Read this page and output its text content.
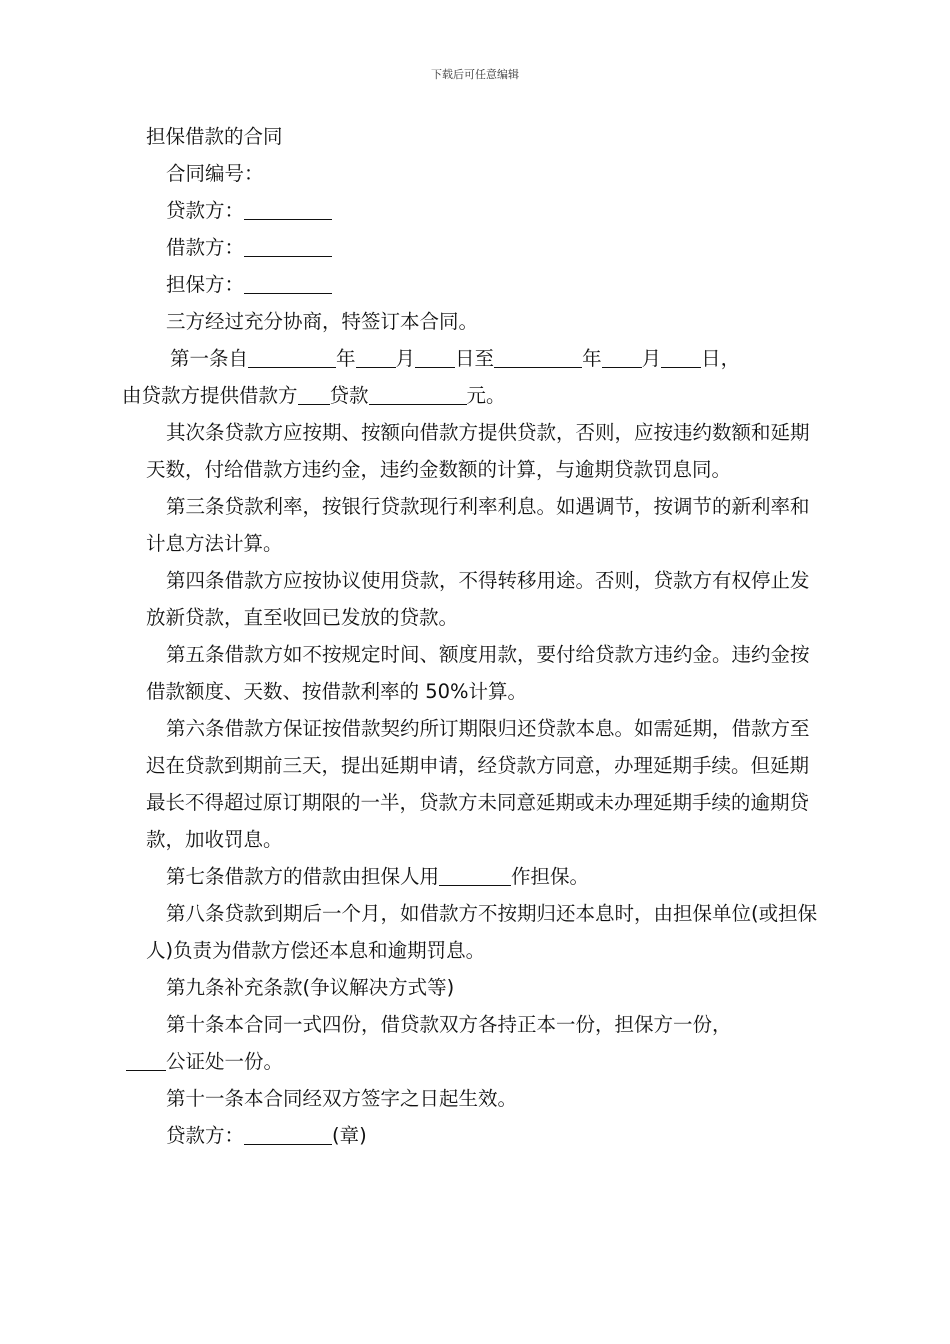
下载后可任意编辑

担保借款的合同

合同编号：

贷款方：

借款方：

担保方：

三方经过充分协商，特签订本合同。

第一条自	年 月 日至	年 月 日，
由贷款方提供借款方 贷款	元。

其次条贷款方应按期、按额向借款方提供贷款，否则，应按违约数额和延期天数，付给借款方违约金，违约金数额的计算，与逾期贷款罚息同。

第三条贷款利率，按银行贷款现行利率利息。如遇调节，按调节的新利率和计息方法计算。

第四条借款方应按协议使用贷款，不得转移用途。否则，贷款方有权停止发放新贷款，直至收回已发放的贷款。

第五条借款方如不按规定时间、额度用款，要付给贷款方违约金。违约金按借款额度、天数、按借款利率的 50%计算。

第六条借款方保证按借款契约所订期限归还贷款本息。如需延期，借款方至迟在贷款到期前三天，提出延期申请，经贷款方同意，办理延期手续。但延期最长不得超过原订期限的一半，贷款方未同意延期或未办理延期手续的逾期贷款，加收罚息。

第七条借款方的借款由担保人用	作担保。

第八条贷款到期后一个月，如借款方不按期归还本息时，由担保单位(或担保人)负责为借款方偿还本息和逾期罚息。

第九条补充条款(争议解决方式等)

第十条本合同一式四份，借贷款双方各持正本一份，担保方一份，
公证处一份。

第十一条本合同经双方签字之日起生效。

贷款方：	(章)
